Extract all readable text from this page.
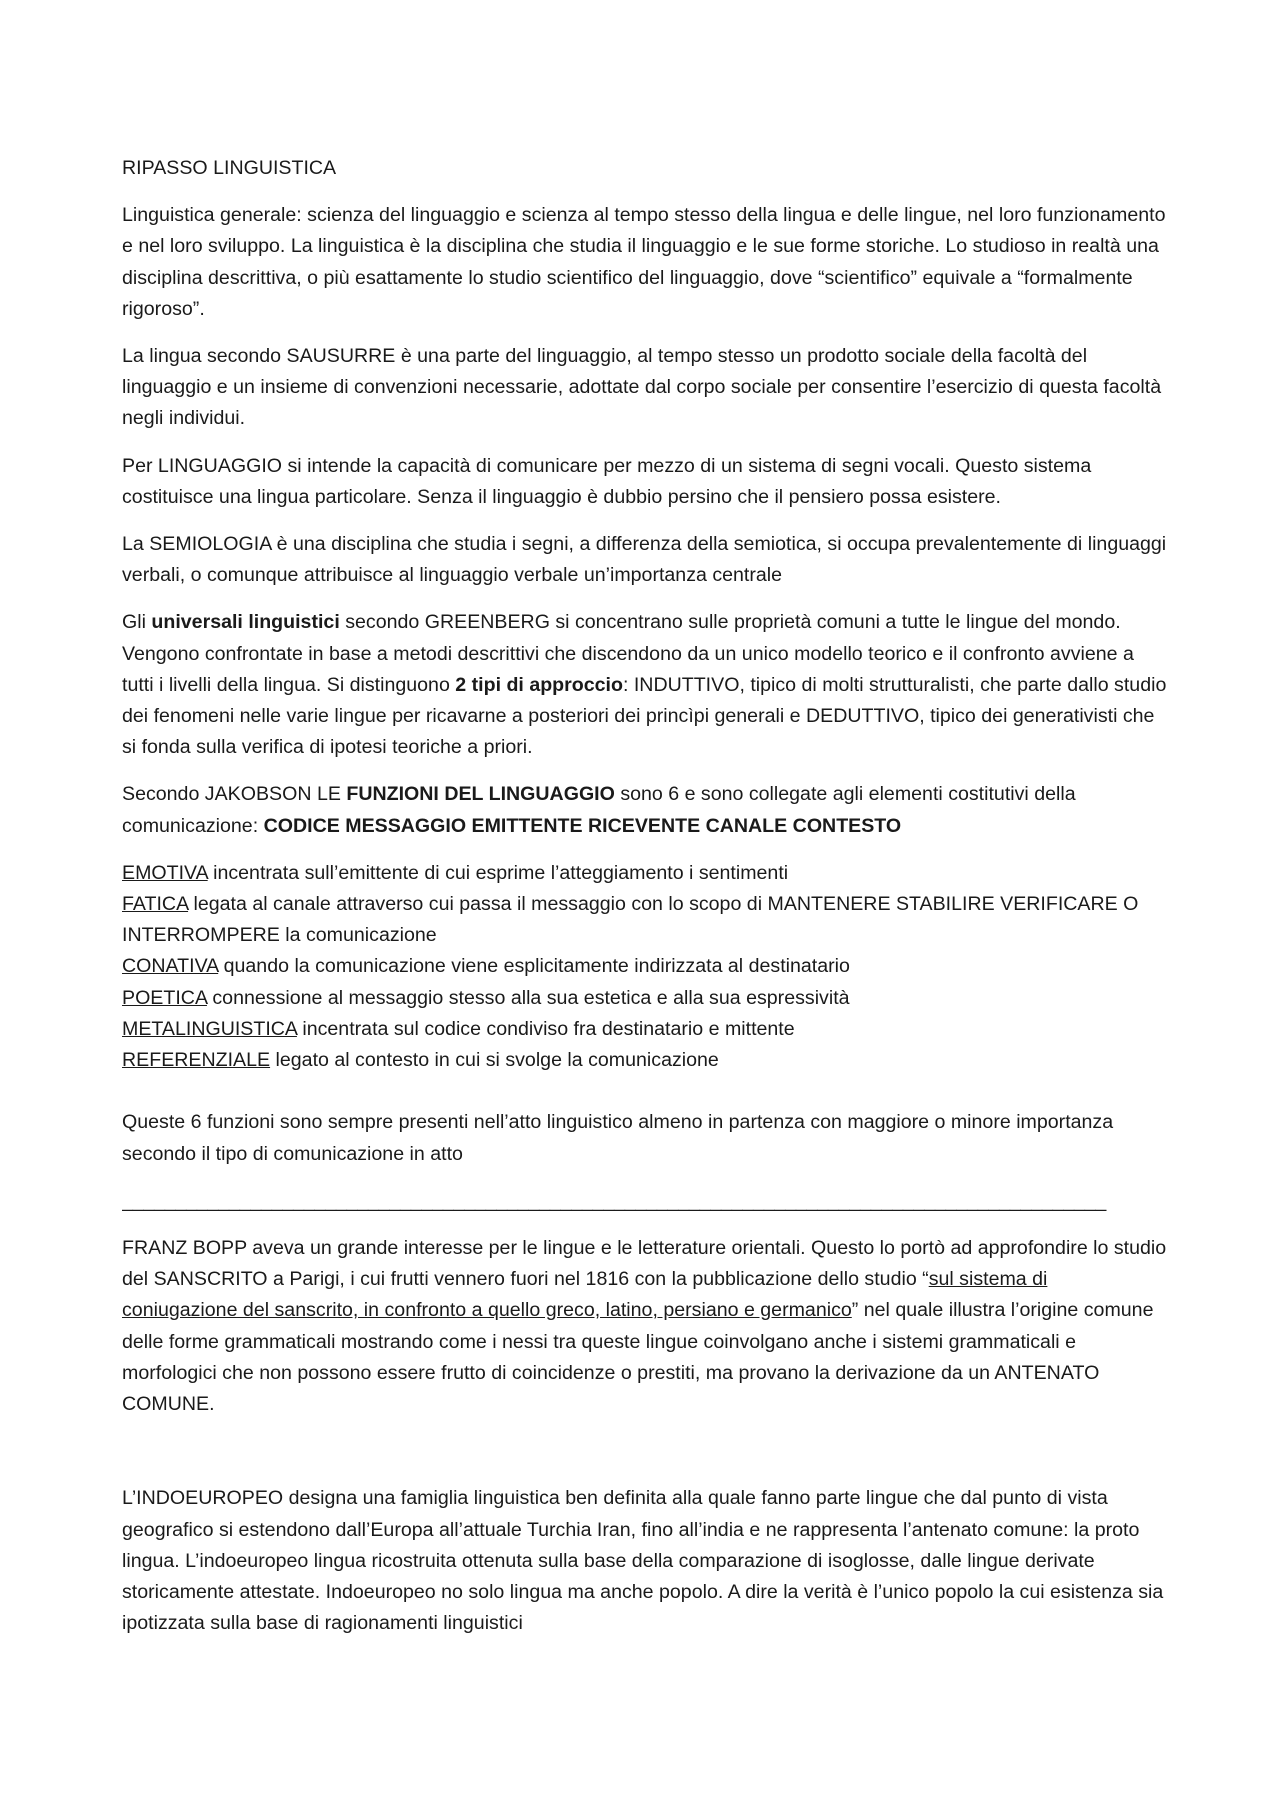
RIPASSO LINGUISTICA

Linguistica generale: scienza del linguaggio e scienza al tempo stesso della lingua e delle lingue, nel loro funzionamento e nel loro sviluppo. La linguistica è la disciplina che studia il linguaggio e le sue forme storiche. Lo studioso in realtà una disciplina descrittiva, o più esattamente lo studio scientifico del linguaggio, dove “scientifico” equivale a “formalmente rigoroso”.

La lingua secondo SAUSURRE è una parte del linguaggio, al tempo stesso un prodotto sociale della facoltà del linguaggio e un insieme di convenzioni necessarie, adottate dal corpo sociale per consentire l’esercizio di questa facoltà negli individui.

Per LINGUAGGIO si intende la capacità di comunicare per mezzo di un sistema di segni vocali. Questo sistema costituisce una lingua particolare. Senza il linguaggio è dubbio persino che il pensiero possa esistere.

La SEMIOLOGIA è una disciplina che studia i segni, a differenza della semiotica, si occupa prevalentemente di linguaggi verbali, o comunque attribuisce al linguaggio verbale un’importanza centrale

Gli universali linguistici secondo GREENBERG si concentrano sulle proprietà comuni a tutte le lingue del mondo. Vengono confrontate in base a metodi descrittivi che discendono da un unico modello teorico e il confronto avviene a tutti i livelli della lingua. Si distinguono 2 tipi di approccio: INDUTTIVO, tipico di molti strutturalisti, che parte dallo studio dei fenomeni nelle varie lingue per ricavarne a posteriori dei princìpi generali e DEDUTTIVO, tipico dei generativisti che si fonda sulla verifica di ipotesi teoriche a priori.

Secondo JAKOBSON LE FUNZIONI DEL LINGUAGGIO sono 6 e sono collegate agli elementi costitutivi della comunicazione: CODICE MESSAGGIO EMITTENTE RICEVENTE CANALE CONTESTO

EMOTIVA incentrata sull’emittente di cui esprime l’atteggiamento i sentimenti

FATICA legata al canale attraverso cui passa il messaggio con lo scopo di MANTENERE STABILIRE VERIFICARE O INTERROMPERE la comunicazione

CONATIVA quando la comunicazione viene esplicitamente indirizzata al destinatario

POETICA connessione al messaggio stesso alla sua estetica e alla sua espressività

METALINGUISTICA incentrata sul codice condiviso fra destinatario e mittente

REFERENZIALE legato al contesto in cui si svolge la comunicazione

Queste 6 funzioni sono sempre presenti nell’atto linguistico almeno in partenza con maggiore o minore importanza secondo il tipo di comunicazione in atto

____________________________________________________________________________________________

FRANZ BOPP aveva un grande interesse per le lingue e le letterature orientali. Questo lo portò ad approfondire lo studio del SANSCRITO a Parigi, i cui frutti vennero fuori nel 1816 con la pubblicazione dello studio “sul sistema di coniugazione del sanscrito, in confronto a quello greco, latino, persiano e germanico” nel quale illustra l’origine comune delle forme grammaticali mostrando come i nessi tra queste lingue coinvolgano anche i sistemi grammaticali e morfologici che non possono essere frutto di coincidenze o prestiti, ma provano la derivazione da un ANTENATO COMUNE.

L’INDOEUROPEO designa una famiglia linguistica ben definita alla quale fanno parte lingue che dal punto di vista geografico si estendono dall’Europa all’attuale Turchia Iran, fino all’india e ne rappresenta l’antenato comune: la proto lingua. L’indoeuropeo lingua ricostruita ottenuta sulla base della comparazione di isoglosse, dalle lingue derivate storicamente attestate. Indoeuropeo no solo lingua ma anche popolo. A dire la verità è l’unico popolo la cui esistenza sia ipotizzata sulla base di ragionamenti linguistici
